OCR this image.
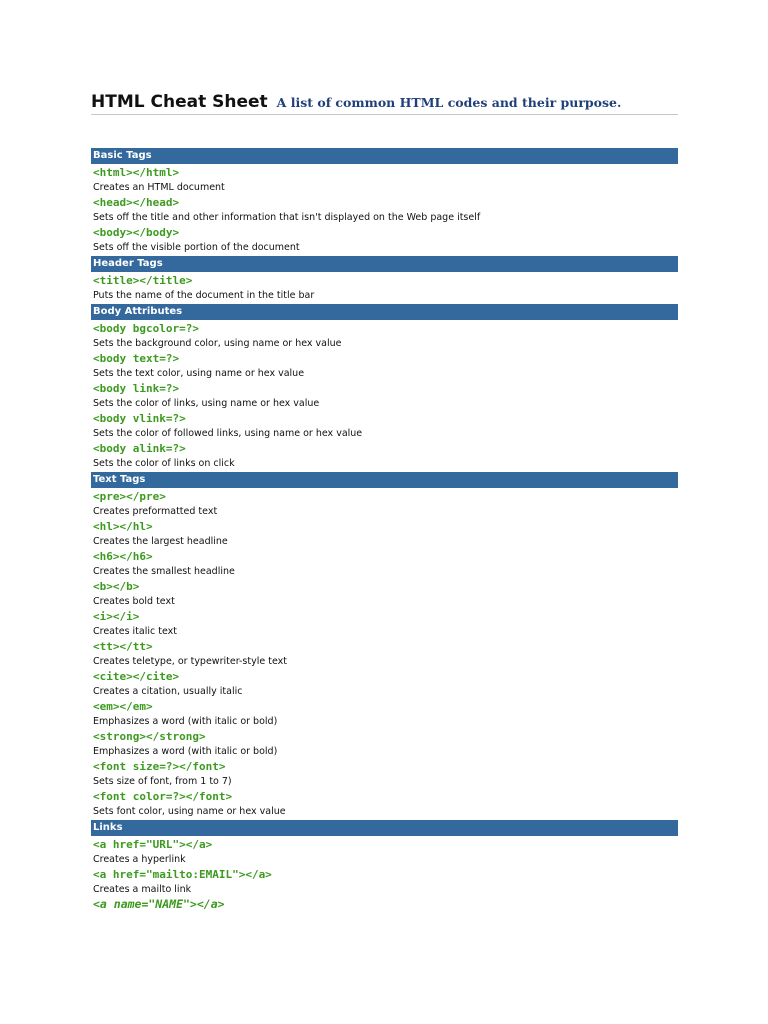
HTML Cheat Sheet A list of common HTML codes and their purpose.
Basic Tags
<html></html>
Creates an HTML document
<head></head>
Sets off the title and other information that isn't displayed on the Web page itself
<body></body>
Sets off the visible portion of the document
Header Tags
<title></title>
Puts the name of the document in the title bar
Body Attributes
<body bgcolor=?>
Sets the background color, using name or hex value
<body text=?>
Sets the text color, using name or hex value
<body link=?>
Sets the color of links, using name or hex value
<body vlink=?>
Sets the color of followed links, using name or hex value
<body alink=?>
Sets the color of links on click
Text Tags
<pre></pre>
Creates preformatted text
<hl></hl>
Creates the largest headline
<h6></h6>
Creates the smallest headline
<b></b>
Creates bold text
<i></i>
Creates italic text
<tt></tt>
Creates teletype, or typewriter-style text
<cite></cite>
Creates a citation, usually italic
<em></em>
Emphasizes a word (with italic or bold)
<strong></strong>
Emphasizes a word (with italic or bold)
<font size=?></font>
Sets size of font, from 1 to 7)
<font color=?></font>
Sets font color, using name or hex value
Links
<a href="URL"></a>
Creates a hyperlink
<a href="mailto:EMAIL"></a>
Creates a mailto link
<a name="NAME"></a>
